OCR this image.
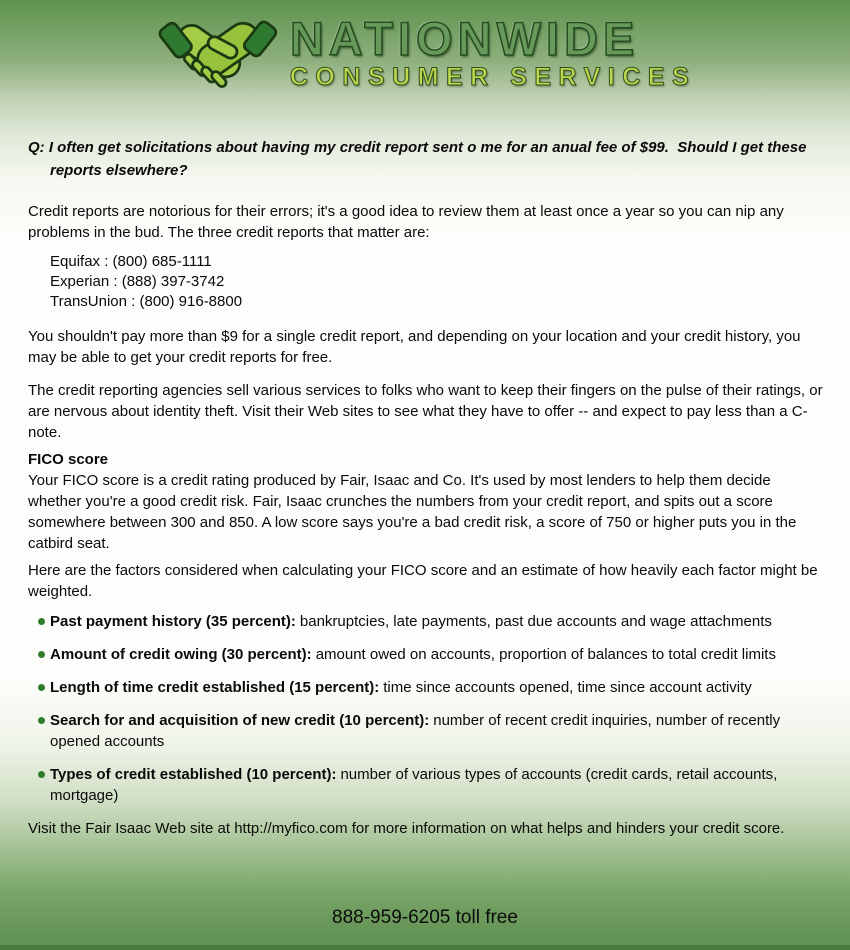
NATIONWIDE
CONSUMER SERVICES

Q: I often get solicitations about having my credit report sent o me for an anual fee of $99.  Should I get these reports elsewhere?

Credit reports are notorious for their errors; it's a good idea to review them at least once a year so you can nip any problems in the bud. The three credit reports that matter are:

Equifax : (800) 685-1111
Experian : (888) 397-3742
TransUnion : (800) 916-8800

You shouldn't pay more than $9 for a single credit report, and depending on your location and your credit history, you may be able to get your credit reports for free.

The credit reporting agencies sell various services to folks who want to keep their fingers on the pulse of their ratings, or are nervous about identity theft. Visit their Web sites to see what they have to offer -- and expect to pay less than a C-note.

FICO score

Your FICO score is a credit rating produced by Fair, Isaac and Co. It's used by most lenders to help them decide whether you're a good credit risk. Fair, Isaac crunches the numbers from your credit report, and spits out a score somewhere between 300 and 850. A low score says you're a bad credit risk, a score of 750 or higher puts you in the catbird seat.

Here are the factors considered when calculating your FICO score and an estimate of how heavily each factor might be weighted.

Past payment history (35 percent): bankruptcies, late payments, past due accounts and wage attachments
Amount of credit owing (30 percent): amount owed on accounts, proportion of balances to total credit limits
Length of time credit established (15 percent): time since accounts opened, time since account activity
Search for and acquisition of new credit (10 percent): number of recent credit inquiries, number of recently opened accounts
Types of credit established (10 percent): number of various types of accounts (credit cards, retail accounts, mortgage)

Visit the Fair Isaac Web site at http://myfico.com for more information on what helps and hinders your credit score.

888-959-6205 toll free
